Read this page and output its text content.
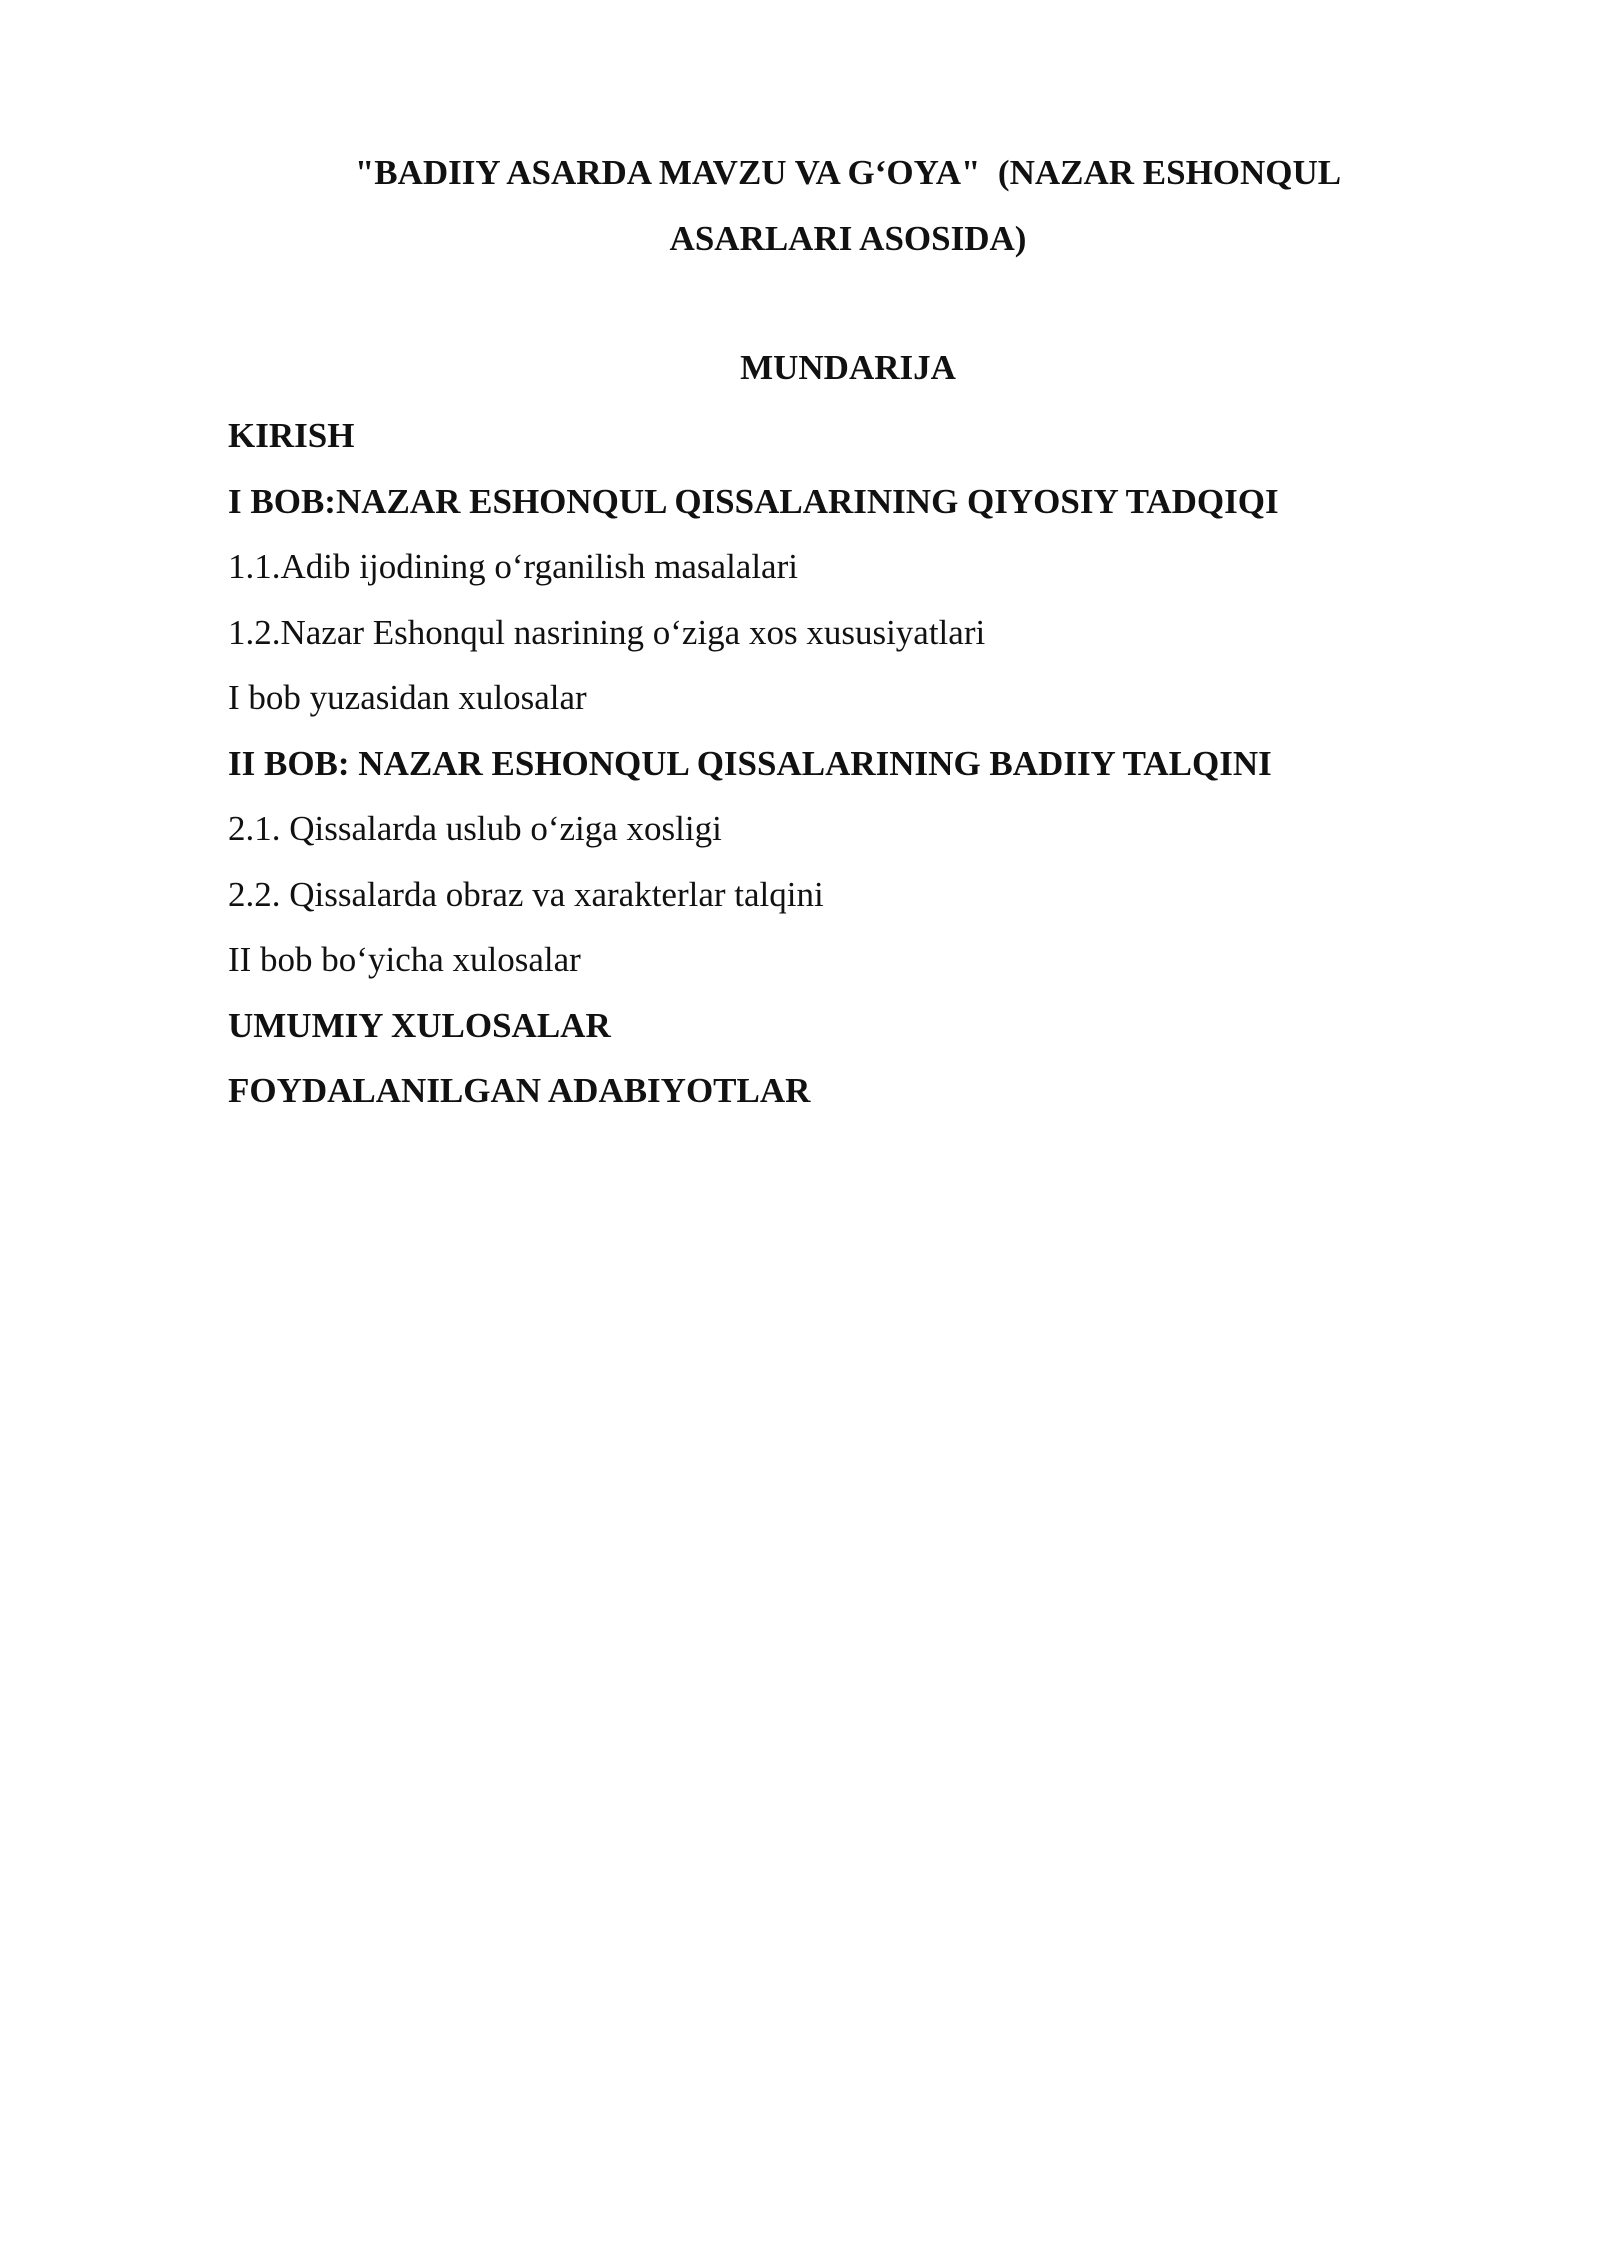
"BADIIY ASARDA MAVZU VA G‘OYA"  (NAZAR ESHONQUL
ASARLARI ASOSIDA)
MUNDARIJA
KIRISH
I BOB:NAZAR ESHONQUL QISSALARINING QIYOSIY TADQIQI
1.1.Adib ijodining o‘rganilish masalalari
1.2.Nazar Eshonqul nasrining o‘ziga xos xususiyatlari
I bob yuzasidan xulosalar
II BOB: NAZAR ESHONQUL QISSALARINING BADIIY TALQINI
2.1. Qissalarda uslub o‘ziga xosligi
2.2. Qissalarda obraz va xarakterlar talqini
II bob bo‘yicha xulosalar
UMUMIY XULOSALAR
FOYDALANILGAN ADABIYOTLAR
